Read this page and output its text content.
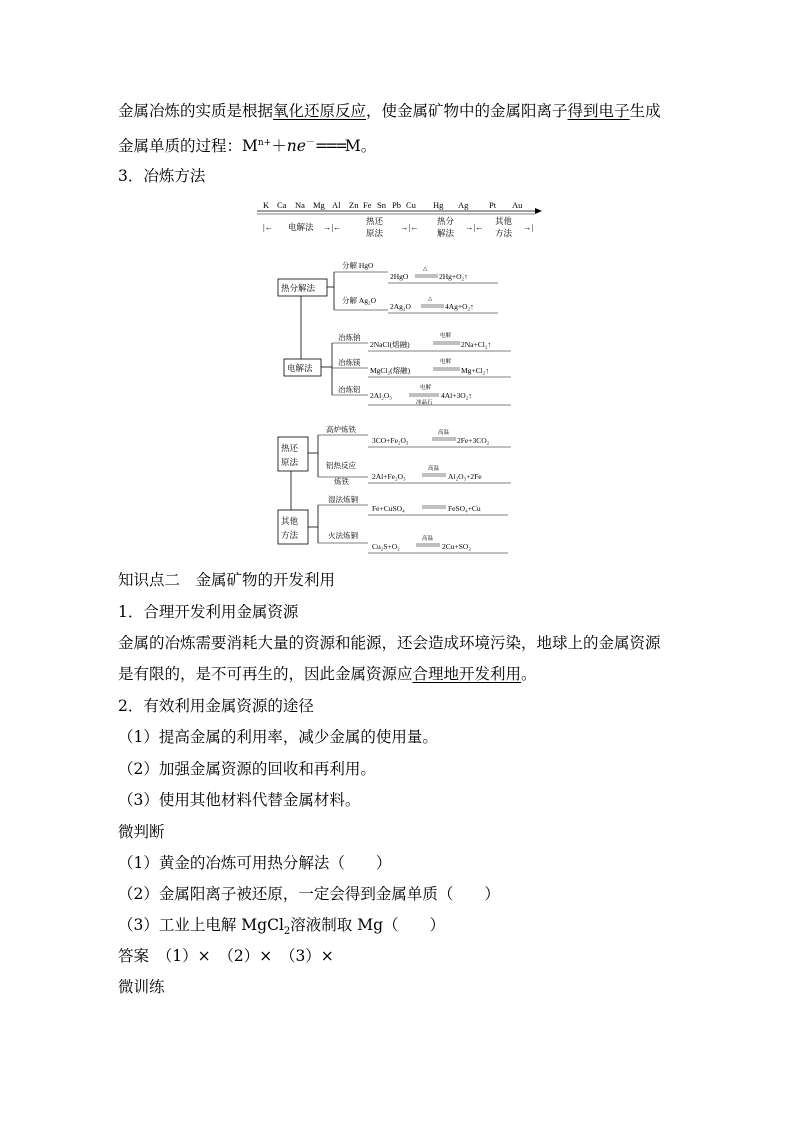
金属冶炼的实质是根据氧化还原反应，使金属矿物中的金属阳离子得到电子生成
金属单质的过程：$M^{n+}+ne^-===M$。
3．冶炼方法
K Ca Na Mg Al Zn Fe Sn Pb Cu Hg Ag Pt Au
|← 电解法 →|←
热还
原法
→|←
热分
解法
→|←
其他
方法
→|
热分解法
分解 HgO
分解 Ag₂O
2HgO
△
2Hg+O₂↑
2Ag₂O
△
4Ag+O₂↑
电解法
冶炼钠
冶炼镁
冶炼铝
2NaCl(熔融)
电解
2Na+Cl₂↑
MgCl₂(熔融)
电解
Mg+Cl₂↑
2Al₂O₃
电解
冰晶石
4Al+3O₂↑
热还
原法
高炉炼铁
铝热反应
炼铁
3CO+Fe₂O₃
高温
2Fe+3CO₂
2Al+Fe₂O₃
高温
Al₂O₃+2Fe
其他
方法
湿法炼铜
火法炼铜
Fe+CuSO₄	FeSO₄+Cu
Cu₂S+O₂
高温
2Cu+SO₂
知识点二　金属矿物的开发利用
1．合理开发利用金属资源
金属的冶炼需要消耗大量的资源和能源，还会造成环境污染，地球上的金属资源
是有限的，是不可再生的，因此金属资源应合理地开发利用。
2．有效利用金属资源的途径
（1）提高金属的利用率，减少金属的使用量。
（2）加强金属资源的回收和再利用。
（3）使用其他材料代替金属材料。
微判断
（1）黄金的冶炼可用热分解法（　　）
（2）金属阳离子被还原，一定会得到金属单质（　　）
（3）工业上电解 MgCl$_2$溶液制取 Mg（　　）
答案　（1）×　（2）×　（3）×
微训练
